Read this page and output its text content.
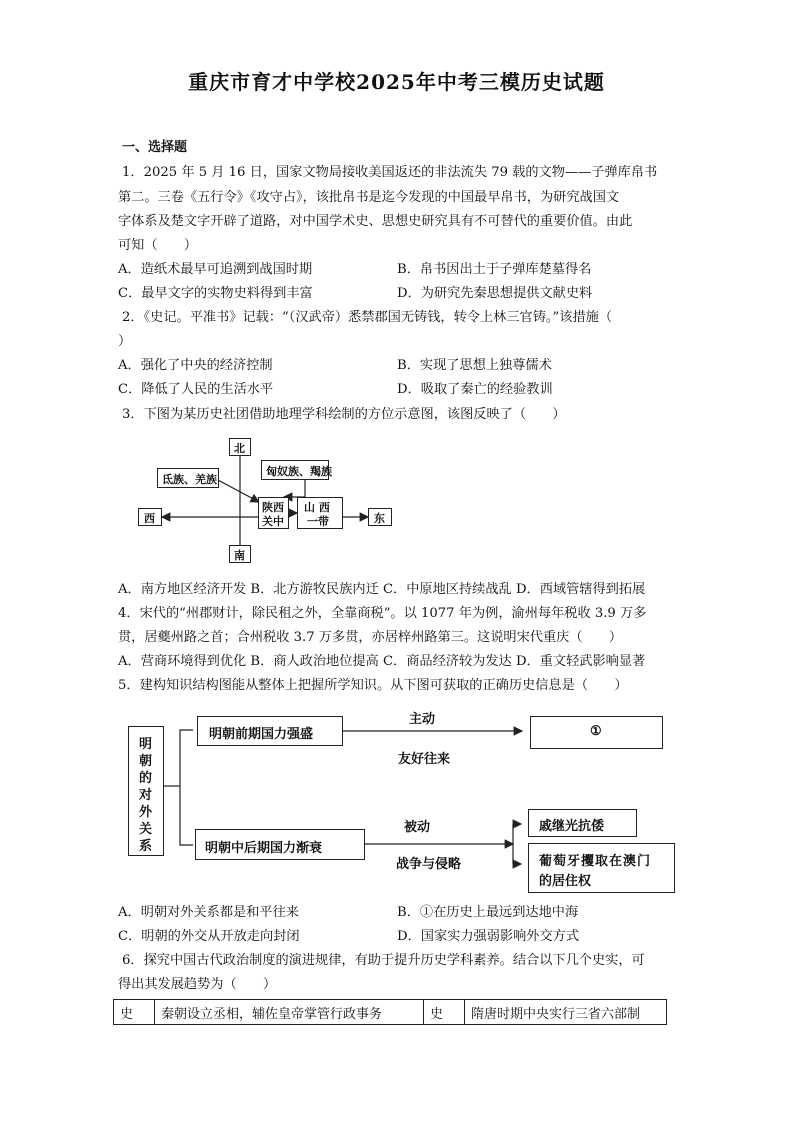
重庆市育才中学校2025年中考三模历史试题
一、选择题
1．2025 年 5 月 16 日，国家文物局接收美国返还的非法流失 79 载的文物——子弹库帛书
第二。三卷《五行令》《攻守占》，该批帛书是迄今发现的中国最早帛书，为研究战国文
字体系及楚文字开辟了道路，对中国学术史、思想史研究具有不可替代的重要价值。由此
可知（　　）
A．造纸术最早可追溯到战国时期	B．帛书因出土于子弹库楚墓得名
C．最早文字的实物史料得到丰富	D．为研究先秦思想提供文献史料
2．《史记。平准书》记载：“（汉武帝）悉禁郡国无铸钱，转令上林三官铸。”该措施（
）
A．强化了中央的经济控制	B．实现了思想上独尊儒术
C．降低了人民的生活水平	D．吸取了秦亡的经验教训
3．下图为某历史社团借助地理学科绘制的方位示意图，该图反映了（　　）
北
南
西	东
氐族、羌族
匈奴族、羯族
陕西
关中
山 西
一带
A．南方地区经济开发 B．北方游牧民族内迁 C．中原地区持续战乱 D．西域管辖得到拓展
4．宋代的“州郡财计，除民租之外，全靠商税”。以 1077 年为例，渝州每年税收 3.9 万多
贯，居夔州路之首；合州税收 3.7 万多贯，亦居梓州路第三。这说明宋代重庆（　　）
A．营商环境得到优化 B．商人政治地位提高 C．商品经济较为发达 D．重文轻武影响显著
5．建构知识结构图能从整体上把握所学知识。从下图可获取的正确历史信息是（　　）
明
朝
的
对
外
关
系
明朝前期国力强盛
主动
友好往来
①
明朝中后期国力渐衰
被动
战争与侵略
戚继光抗倭
葡萄牙攫取在澳门
的居住权
A．明朝对外关系都是和平往来	B．①在历史上最远到达地中海
C．明朝的外交从开放走向封闭	D．国家实力强弱影响外交方式
6．探究中国古代政治制度的演进规律，有助于提升历史学科素养。结合以下几个史实，可
得出其发展趋势为（　　）
史	秦朝设立丞相，辅佐皇帝掌管行政事务	史	隋唐时期中央实行三省六部制
